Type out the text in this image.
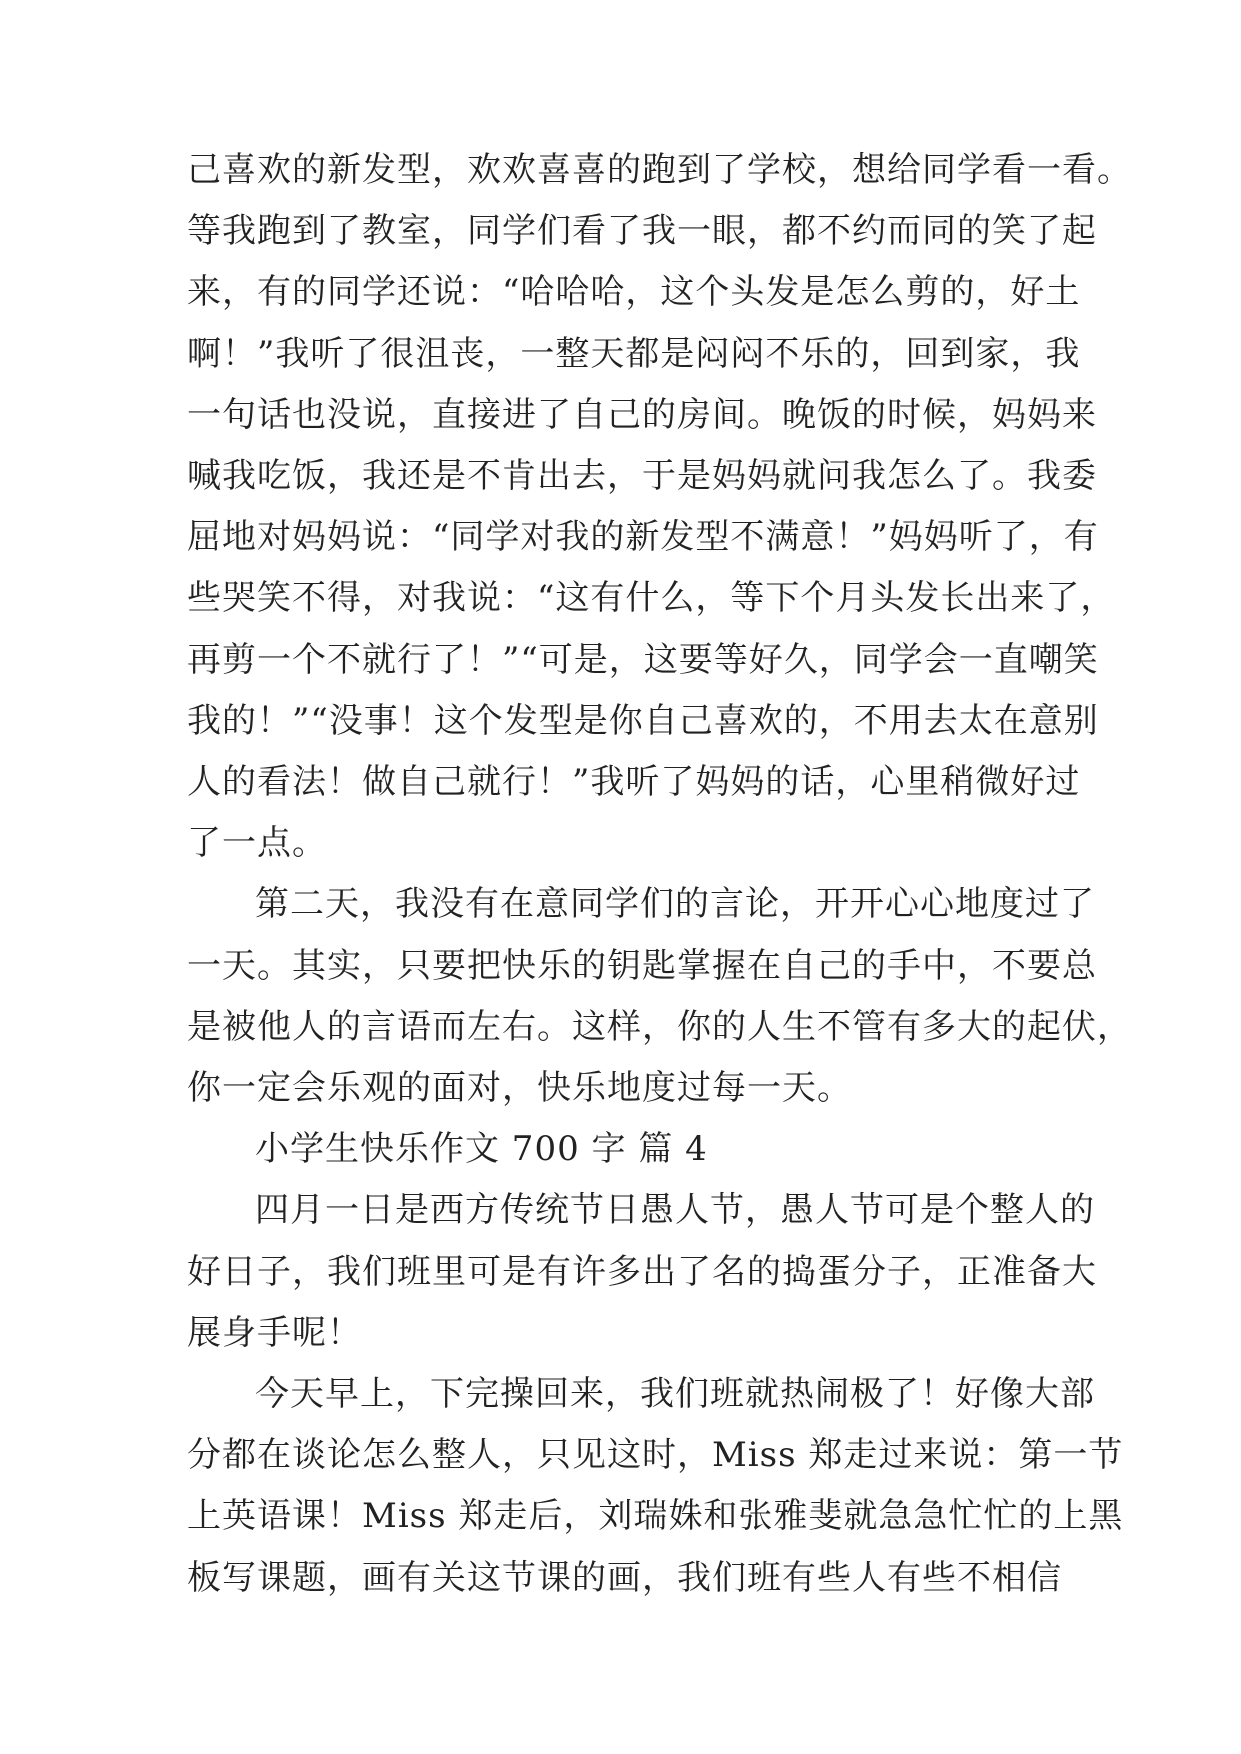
己喜欢的新发型，欢欢喜喜的跑到了学校，想给同学看一看。
等我跑到了教室，同学们看了我一眼，都不约而同的笑了起
来，有的同学还说：“哈哈哈，这个头发是怎么剪的，好土
啊！”我听了很沮丧，一整天都是闷闷不乐的，回到家，我
一句话也没说，直接进了自己的房间。晚饭的时候，妈妈来
喊我吃饭，我还是不肯出去，于是妈妈就问我怎么了。我委
屈地对妈妈说：“同学对我的新发型不满意！”妈妈听了，有
些哭笑不得，对我说：“这有什么，等下个月头发长出来了，
再剪一个不就行了！”“可是，这要等好久，同学会一直嘲笑
我的！”“没事！这个发型是你自己喜欢的，不用去太在意别
人的看法！做自己就行！”我听了妈妈的话，心里稍微好过
了一点。
第二天，我没有在意同学们的言论，开开心心地度过了
一天。其实，只要把快乐的钥匙掌握在自己的手中，不要总
是被他人的言语而左右。这样，你的人生不管有多大的起伏，
你一定会乐观的面对，快乐地度过每一天。
小学生快乐作文 700 字 篇 4
四月一日是西方传统节日愚人节，愚人节可是个整人的
好日子，我们班里可是有许多出了名的捣蛋分子，正准备大
展身手呢！
今天早上，下完操回来，我们班就热闹极了！好像大部
分都在谈论怎么整人，只见这时，Miss 郑走过来说：第一节
上英语课！Miss 郑走后，刘瑞姝和张雅斐就急急忙忙的上黑
板写课题，画有关这节课的画，我们班有些人有些不相信
